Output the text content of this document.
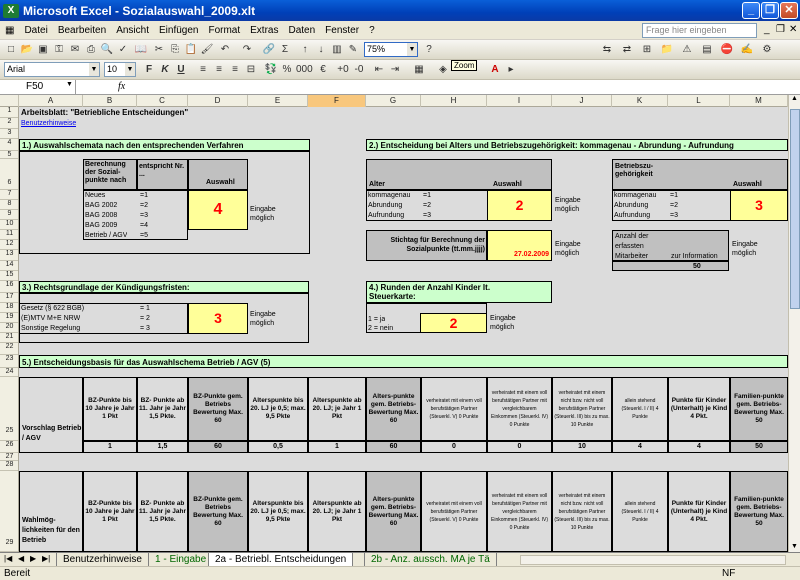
X Microsoft Excel - Sozialauswahl_2009.xlt	_	❐ ✕
▦	Datei	Bearbeiten	Ansicht	Einfügen	Format	Extras	Daten	Fenster	?	Frage hier eingeben	_ ❐ ✕
□ 📂 ▣ ⚿ ✉ ⎙ 🔍 ✓ 📖 ✂ ⎘ 📋 🖌 ↶ ↷ 🔗 Σ	↑	↓ ▥ ✎	75%	▼	?	⇆ ⇄ ⊞ 📁 ⚠ ▤ ⛔ ✍ ⚙
Arial	▼	10 ▼	F K U	≡	≡	≡ ⊟ 💱 % 000 €	+0 -0 ⇤ ⇥ ▦	◈ Zoom	A ▸
F50	▼	fx
A	B	C	D	E	F	G	H	I	J	K	L	M
1
2
3
4
5
6
7
8
9
10
11
12
13
14
15
16
17
18
19
20
21
22
23
24
25
26
27
28
29
Arbeitsblatt: "Betriebliche Entscheidungen"
Benutzerhinweise
1.) Auswahlschemata nach den entsprechenden Verfahren
Berechnung der Sozial-punkte nach
entspricht Nr. ...
Auswahl
Neues	=1
BAG 2002	=2
BAG 2008	=3
BAG 2009	=4
Betrieb / AGV =5
4	Eingabe möglich
2.) Entscheidung bei Alters und Betriebszugehörigkeit: kommagenau - Abrundung - Aufrundung
Alter	Auswahl
kommagenau =1
Abrundung	=2
Aufrundung	=3
2	Eingabe möglich
Betriebszu-gehörigkeit
Auswahl
kommagenau =1
Abrundung	=2
Aufrundung	=3
3
Stichtag für Berechnung der Sozialpunkte (tt.mm.jjjj)
27.02.2009
Eingabe möglich
Anzahl der erfassten Mitarbeiter	zur Information
50
Eingabe möglich
3.) Rechtsgrundlage der Kündigungsfristen:
Gesetz (§ 622 BGB)	= 1
(E)MTV M+E NRW	= 2
Sonstige Regelung	= 3
3	Eingabe möglich
4.) Runden der Anzahl Kinder lt. Steuerkarte:
1 = ja
2 = nein	2	Eingabe möglich
5.) Entscheidungsbasis für das Auswahlschema Betrieb / AGV (5)
Vorschlag Betrieb / AGV
Wahlmög-lichkeiten für den Betrieb
BZ-Punkte bis 10 Jahre je Jahr 1 Pkt
1
BZ-Punkte bis 10 Jahre je Jahr 1 Pkt
BZ- Punkte ab 11. Jahr je Jahr 1,5 Pkte.
1,5
BZ- Punkte ab 11. Jahr je Jahr 1,5 Pkte.
BZ-Punkte gem. Betriebs Bewertung Max. 60
60
BZ-Punkte gem. Betriebs Bewertung Max. 60
Alterspunkte bis 20. LJ je 0,5; max. 9,5 Pkte
0,5
Alterspunkte bis 20. LJ je 0,5; max. 9,5 Pkte
Alterspunkte ab 20. LJ; je Jahr 1 Pkt
1
Alterspunkte ab 20. LJ; je Jahr 1 Pkt
Alters-punkte gem. Betriebs-Bewertung Max. 60
60
Alters-punkte gem. Betriebs-Bewertung Max. 60
verheiratet mit einem voll berufstätigen Partner (Steuerkl. V) 0 Punkte
0
verheiratet mit einem voll berufstätigen Partner (Steuerkl. V) 0 Punkte
verheiratet mit einem voll berufstätigen Partner mit vergleichbarem Einkommen (Steuerkl. IV) 0 Punkte
0
verheiratet mit einem voll berufstätigen Partner mit vergleichbarem Einkommen (Steuerkl. IV) 0 Punkte
verheiratet mit einem nicht bzw. nicht voll berufstätigen Partner (Steuerkl. III) bis zu max. 10 Punkte
10
verheiratet mit einem nicht bzw. nicht voll berufstätigen Partner (Steuerkl. III) bis zu max. 10 Punkte
allein stehend (Steuerkl. I / II) 4 Punkte
4
allein stehend (Steuerkl. I / II) 4 Punkte
Punkte für Kinder (Unterhalt) je Kind 4 Pkt.
4
Punkte für Kinder (Unterhalt) je Kind 4 Pkt.
Familien-punkte gem. Betriebs-Bewertung Max. 50
50
Familien-punkte gem. Betriebs-Bewertung Max. 50
▲
▼
|◀ ◀ ▶ ▶|	Benutzerhinweise	1 - Eingabe 2a - Betriebl. Entscheidungen	2b - Anz. aussch. MA je Tä
Bereit	NF
